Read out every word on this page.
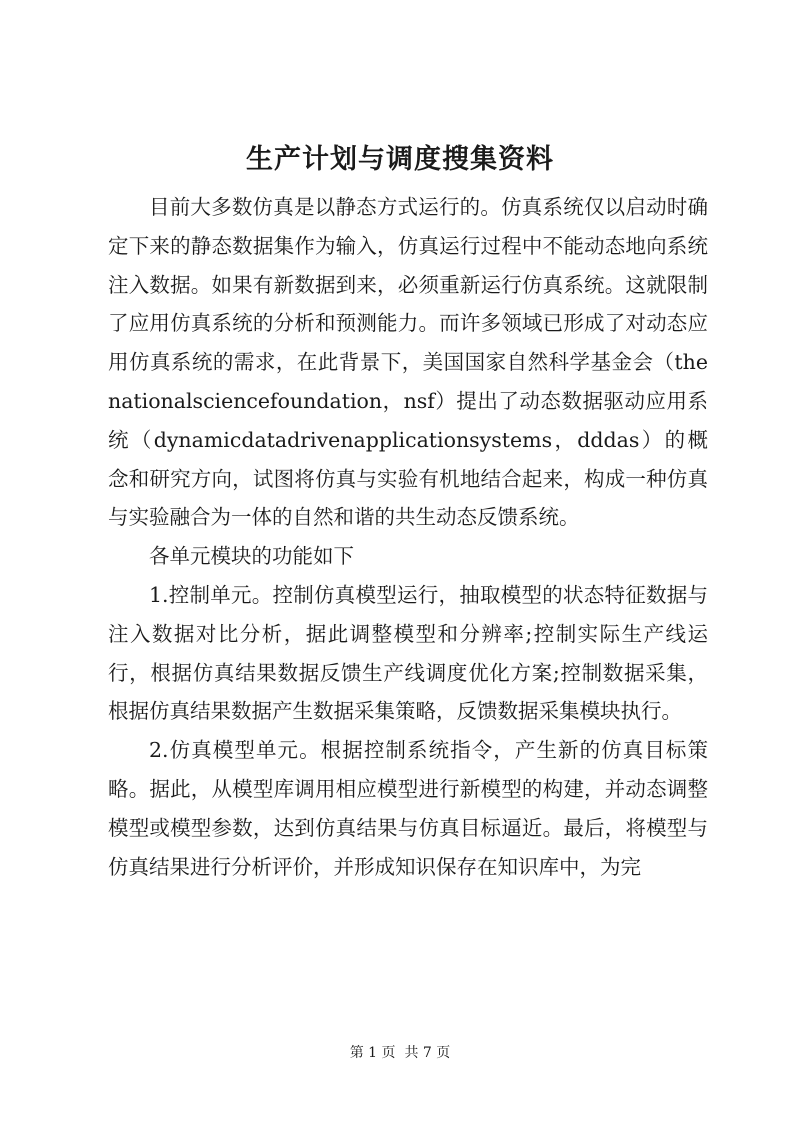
生产计划与调度搜集资料

目前大多数仿真是以静态方式运行的。仿真系统仅以启动时确定下来的静态数据集作为输入，仿真运行过程中不能动态地向系统注入数据。如果有新数据到来，必须重新运行仿真系统。这就限制了应用仿真系统的分析和预测能力。而许多领域已形成了对动态应用仿真系统的需求，在此背景下，美国国家自然科学基金会（thenationalsciencefoundation，nsf）提出了动态数据驱动应用系统（dynamicdatadrivenapplicationsystems，dddas）的概念和研究方向，试图将仿真与实验有机地结合起来，构成一种仿真与实验融合为一体的自然和谐的共生动态反馈系统。

各单元模块的功能如下

1.控制单元。控制仿真模型运行，抽取模型的状态特征数据与注入数据对比分析，据此调整模型和分辨率;控制实际生产线运行，根据仿真结果数据反馈生产线调度优化方案;控制数据采集，根据仿真结果数据产生数据采集策略，反馈数据采集模块执行。

2.仿真模型单元。根据控制系统指令，产生新的仿真目标策略。据此，从模型库调用相应模型进行新模型的构建，并动态调整模型或模型参数，达到仿真结果与仿真目标逼近。最后，将模型与仿真结果进行分析评价，并形成知识保存在知识库中，为完

第 1 页  共 7 页
